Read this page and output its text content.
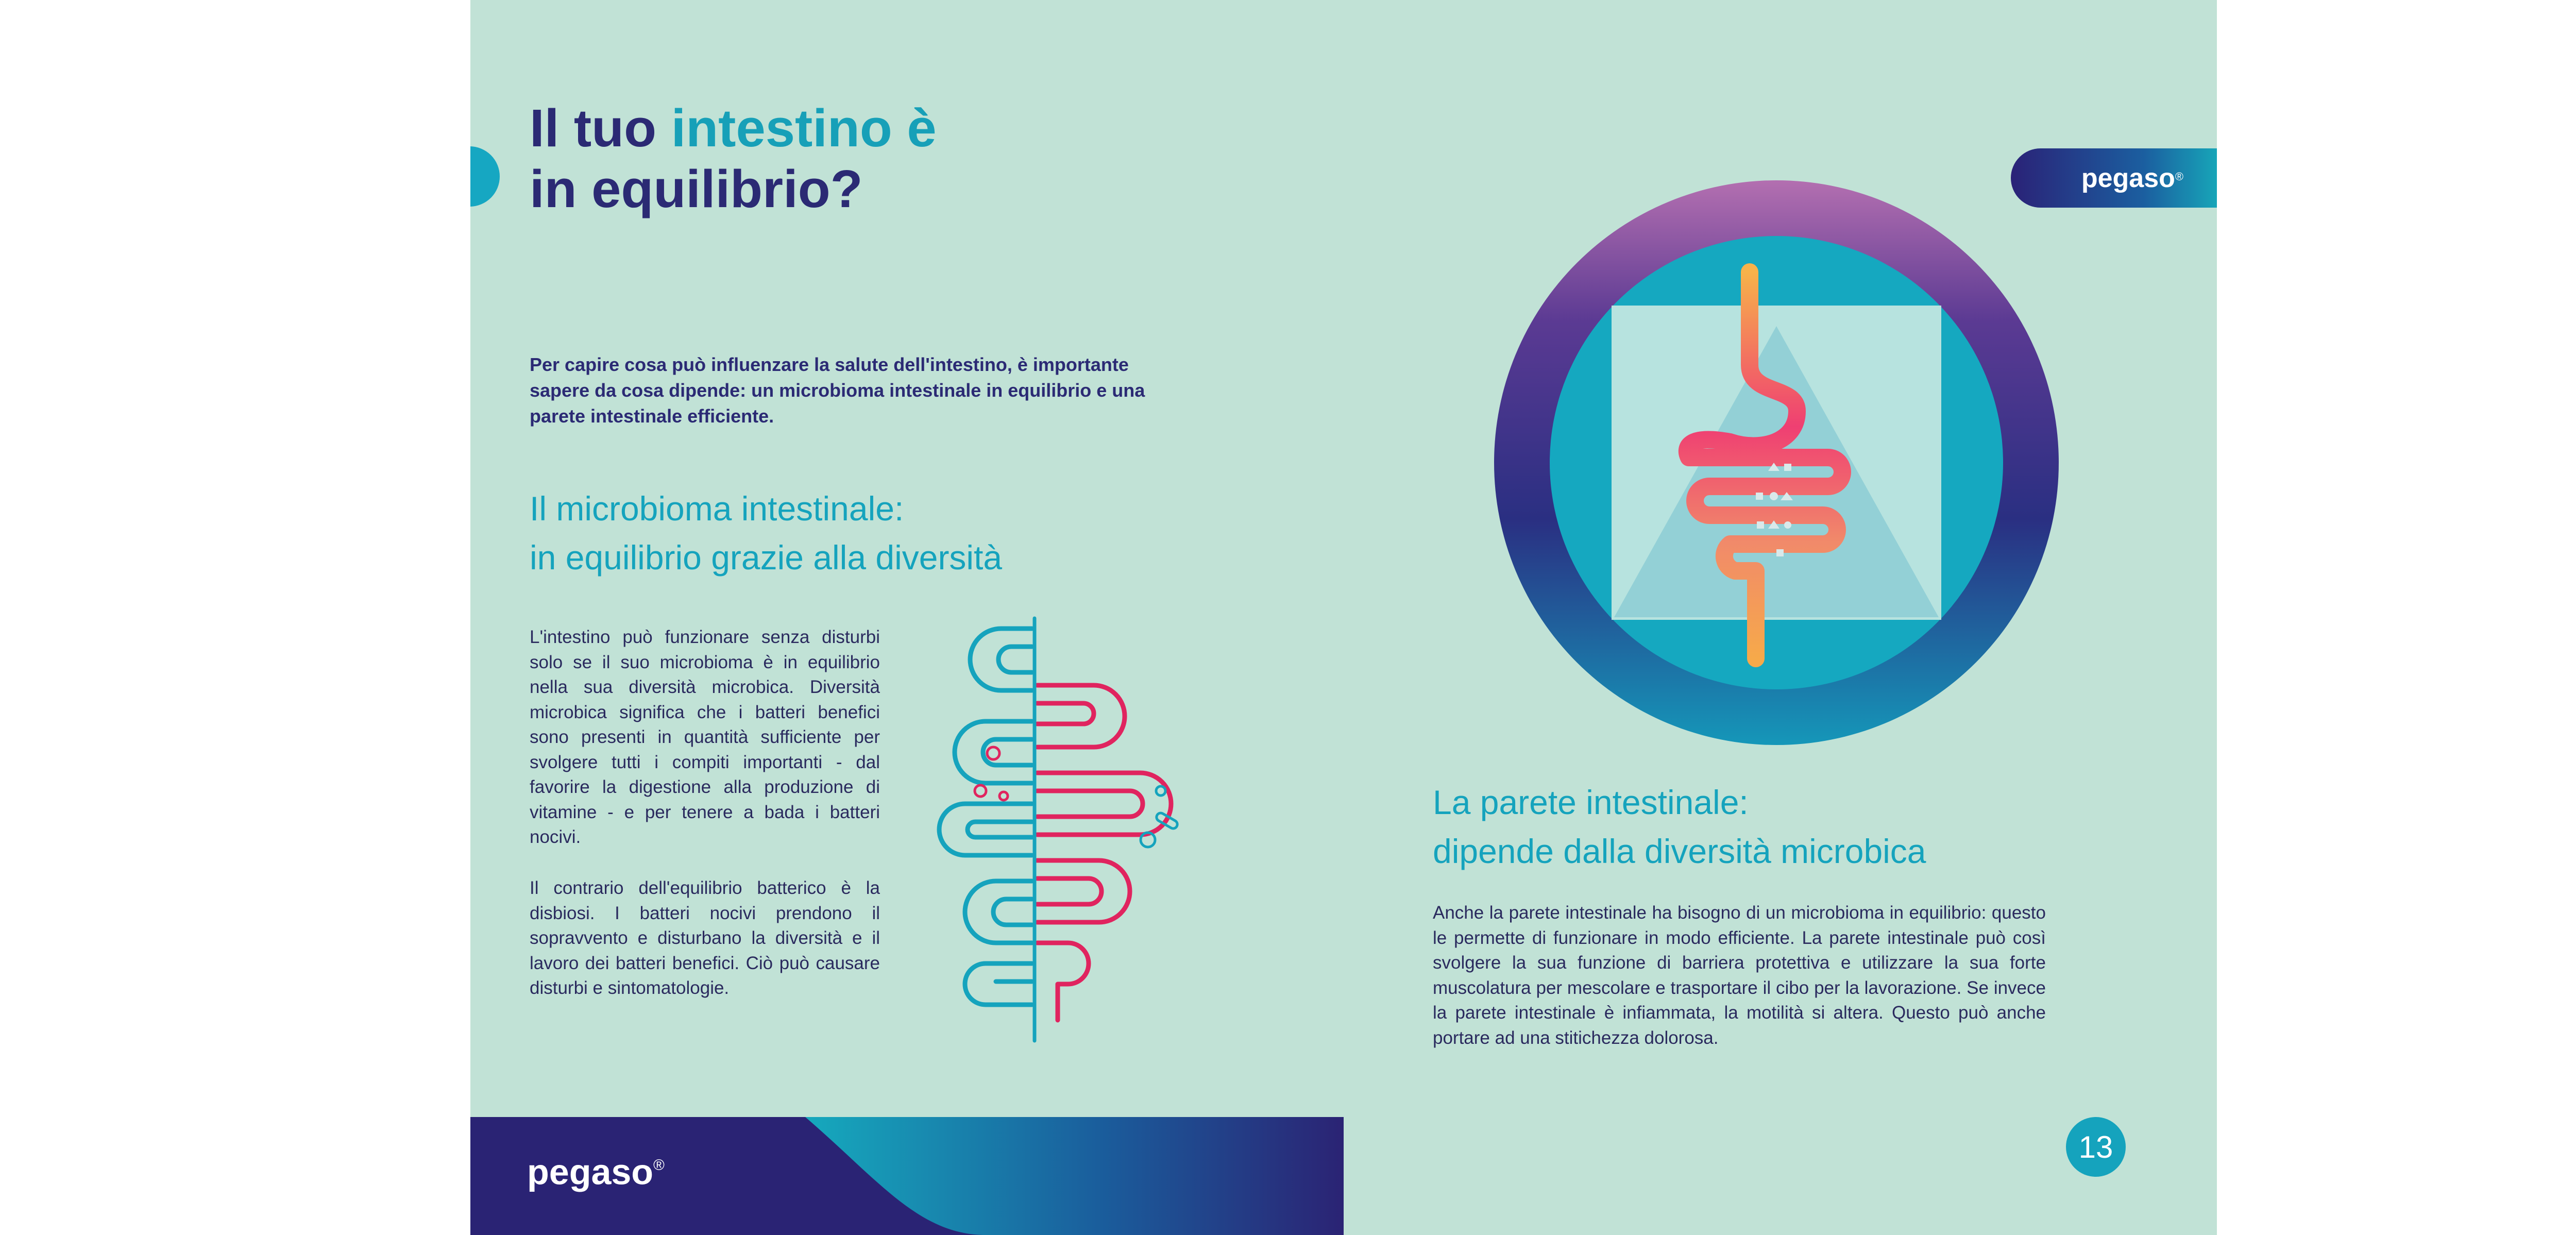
Il tuo intestino è
in equilibrio?	pegaso®
Per capire cosa può influenzare la salute dell'intestino, è importante sapere da cosa dipende: un microbioma intestinale in equilibrio e una parete intestinale efficiente.
Il microbioma intestinale:
in equilibrio grazie alla diversità
L'intestino può funzionare senza disturbi solo se il suo microbioma è in equilibrio nella sua diversità microbica. Diversità microbica significa che i batteri benefici sono presenti in quantità sufficiente per svolgere tutti i compiti importanti - dal favorire la digestione alla produzione di vitamine - e per tenere a bada i batteri nocivi.
Il contrario dell'equilibrio batterico è la disbiosi. I batteri nocivi prendono il sopravvento e disturbano la diversità e il lavoro dei batteri benefici. Ciò può causare disturbi e sintomatologie.
La parete intestinale:
dipende dalla diversità microbica
Anche la parete intestinale ha bisogno di un microbioma in equilibrio: questo le permette di funzionare in modo efficiente. La parete intestinale può così svolgere la sua funzione di barriera protettiva e utilizzare la sua forte muscolatura per mescolare e trasportare il cibo per la lavorazione. Se invece la parete intestinale è infiammata, la motilità si altera. Questo può anche portare ad una stitichezza dolorosa.
pegaso®
13
